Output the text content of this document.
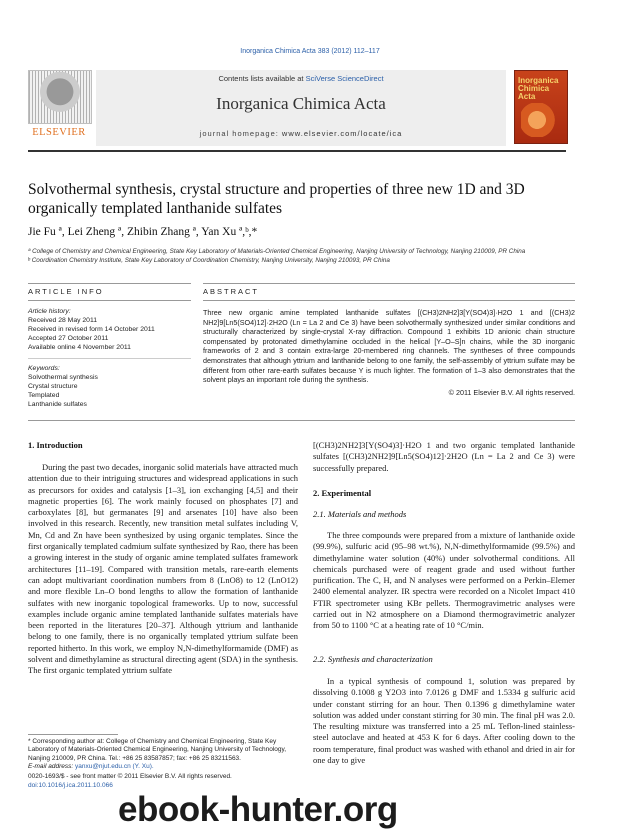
Inorganica Chimica Acta 383 (2012) 112–117
ELSEVIER
Contents lists available at SciVerse ScienceDirect
Inorganica Chimica Acta
journal homepage: www.elsevier.com/locate/ica
Inorganica Chimica Acta
Solvothermal synthesis, crystal structure and properties of three new 1D and 3D organically templated lanthanide sulfates
Jie Fu ª, Lei Zheng ª, Zhibin Zhang ª, Yan Xu ª,ᵇ,*
ª College of Chemistry and Chemical Engineering, State Key Laboratory of Materials-Oriented Chemical Engineering, Nanjing University of Technology, Nanjing 210009, PR China
ᵇ Coordination Chemistry Institute, State Key Laboratory of Coordination Chemistry, Nanjing University, Nanjing 210093, PR China
ARTICLE INFO
Article history:
Received 28 May 2011
Received in revised form 14 October 2011
Accepted 27 October 2011
Available online 4 November 2011
Keywords:
Solvothermal synthesis
Crystal structure
Templated
Lanthanide sulfates
ABSTRACT
Three new organic amine templated lanthanide sulfates [(CH3)2NH2]3[Y(SO4)3]·H2O 1 and [(CH3)2 NH2]9[Ln5(SO4)12]·2H2O (Ln = La 2 and Ce 3) have been solvothermally synthesized under similar conditions and structurally characterized by single-crystal X-ray diffraction. Compound 1 exhibits 1D anionic chain structure compensated by protonated dimethylamine occluded in the helical [Y–O–S]n chains, while the 3D inorganic frameworks of 2 and 3 contain extra-large 20-membered ring channels. The syntheses of three compounds demonstrates that although yttrium and lanthanide belong to one family, the self-assembly of yttrium sulfate may be different from other rare-earth sulfates because Y is much lighter. The formation of 1–3 also demonstrates that the solvent plays an important role during the synthesis.
© 2011 Elsevier B.V. All rights reserved.
1. Introduction
During the past two decades, inorganic solid materials have attracted much attention due to their intriguing structures and widespread applications in such as precursors for oxides and catalysis [1–3], ion exchanging [4,5] and their magnetic properties [6]. The work mainly focused on phosphates [7] and carboxylates [8], but germanates [9] and arsenates [10] have also been involved in this research. Recently, new transition metal sulfates including V, Mn, Cd and Zn have been synthesized by using organic templates. Since the first organically templated cadmium sulfate synthesized by Rao, there has been a growing interest in the study of organic amine templated sulfates framework architectures [11–19]. Compared with transition metals, rare-earth elements can adopt multivariant coordination numbers from 8 (LnO8) to 12 (LnO12) and more flexible Ln–O bond lengths to allow the formation of lanthanide sulfates with new inorganic topological frameworks. Up to now, successful examples include organic amine templated lanthanide sulfates materials have been reported in the literatures [20–37]. Although yttrium and lanthanide belong to one family, there is no organically templated yttrium sulfate been reported hitherto. In this work, we employ N,N-dimethylformamide (DMF) as solvent and dimethylamine as structural directing agent (SDA) in the synthesis. The first organic templated yttrium sulfate
[(CH3)2NH2]3[Y(SO4)3]·H2O 1 and two organic templated lanthanide sulfates [(CH3)2NH2]9[Ln5(SO4)12]·2H2O (Ln = La 2 and Ce 3) were successfully prepared.
2. Experimental
2.1. Materials and methods
The three compounds were prepared from a mixture of lanthanide oxide (99.9%), sulfuric acid (95–98 wt.%), N,N-dimethylformamide (99.5%) and dimethylamine water solution (40%) under solvothermal conditions. All chemicals purchased were of reagent grade and used without further purification. The C, H, and N analyses were performed on a Perkin–Elemer 2400 elemental analyzer. IR spectra were recorded on a Nicolet Impact 410 FTIR spectrometer using KBr pellets. Thermogravimetric analyses were carried out in N2 atmosphere on a Diamond thermogravimetric analyzer from 50 to 1100 °C at a heating rate of 10 °C/min.
2.2. Synthesis and characterization
In a typical synthesis of compound 1, solution was prepared by dissolving 0.1008 g Y2O3 into 7.0126 g DMF and 1.5334 g sulfuric acid under constant stirring for an hour. Then 0.1396 g dimethylamine water solution was added under constant stirring for 30 min. The final pH was 2.0. The resulting mixture was transferred into a 25 mL Teflon-lined stainless-steel autoclave and heated at 453 K for 6 days. After cooling down to the room temperature, final product was washed with ethanol and dried in air for one day to give
* Corresponding author at: College of Chemistry and Chemical Engineering, State Key Laboratory of Materials-Oriented Chemical Engineering, Nanjing University of Technology, Nanjing 210009, PR China. Tel.: +86 25 83587857; fax: +86 25 83211563.
E-mail address: yanxu@njut.edu.cn (Y. Xu).
0020-1693/$ - see front matter © 2011 Elsevier B.V. All rights reserved.
doi:10.1016/j.ica.2011.10.066
ebook-hunter.org
